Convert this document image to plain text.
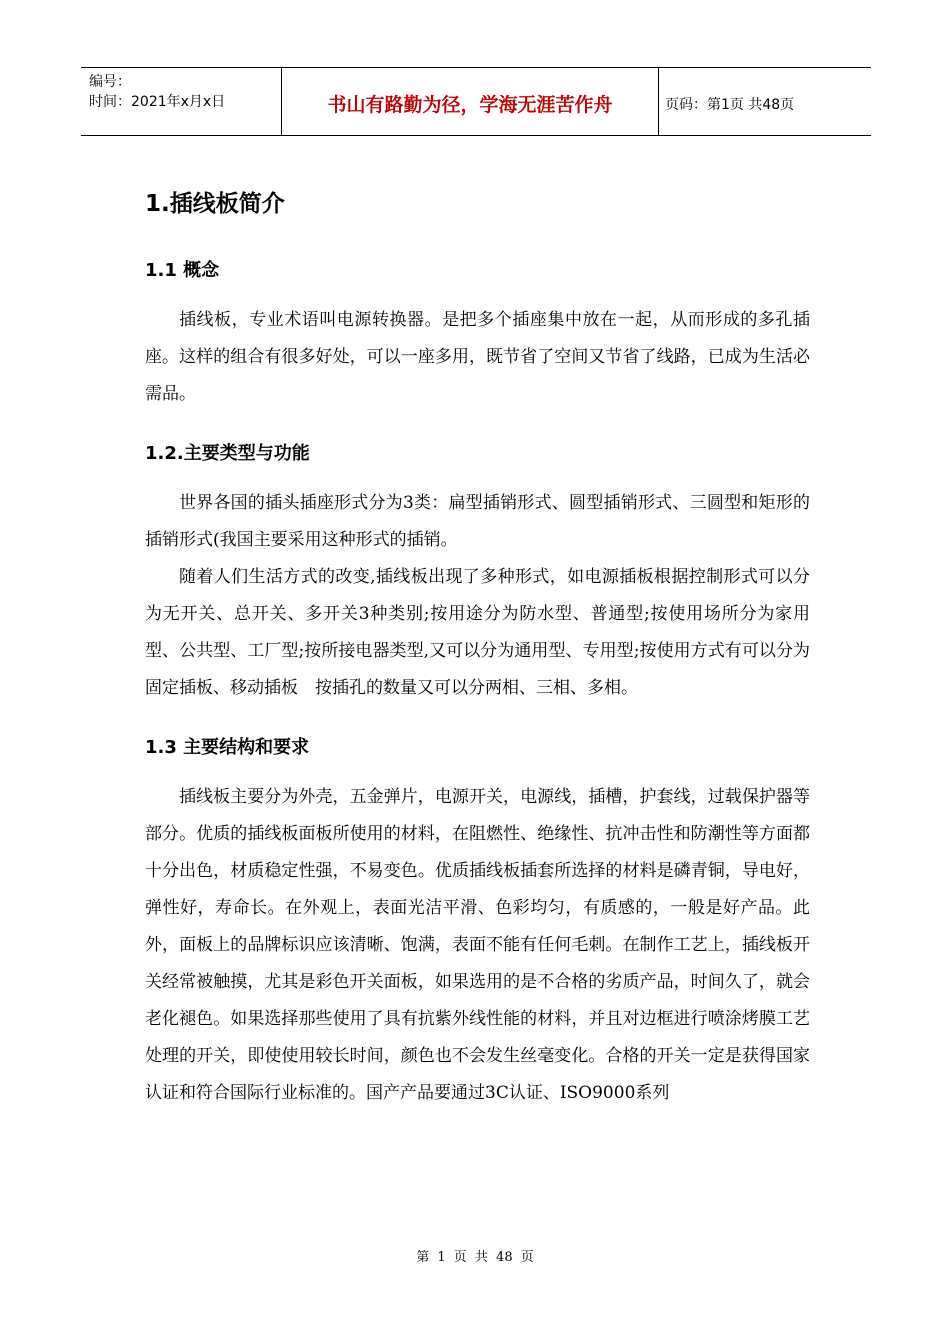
编号：
时间：2021年x月x日	书山有路勤为径，学海无涯苦作舟	页码：第1页 共48页
1.插线板简介
1.1 概念

插线板，专业术语叫电源转换器。是把多个插座集中放在一起，从而形成的多孔插座。这样的组合有很多好处，可以一座多用，既节省了空间又节省了线路，已成为生活必需品。

1.2.主要类型与功能

世界各国的插头插座形式分为3类：扁型插销形式、圆型插销形式、三圆型和矩形的插销形式(我国主要采用这种形式的插销。

随着人们生活方式的改变,插线板出现了多种形式，如电源插板根据控制形式可以分为无开关、总开关、多开关3种类别;按用途分为防水型、普通型;按使用场所分为家用型、公共型、工厂型;按所接电器类型,又可以分为通用型、专用型;按使用方式有可以分为固定插板、移动插板　按插孔的数量又可以分两相、三相、多相。

1.3 主要结构和要求

插线板主要分为外壳，五金弹片，电源开关，电源线，插槽，护套线，过载保护器等部分。优质的插线板面板所使用的材料，在阻燃性、绝缘性、抗冲击性和防潮性等方面都十分出色，材质稳定性强，不易变色。优质插线板插套所选择的材料是磷青铜，导电好，弹性好，寿命长。在外观上，表面光洁平滑、色彩均匀，有质感的，一般是好产品。此外，面板上的品牌标识应该清晰、饱满，表面不能有任何毛刺。在制作工艺上，插线板开关经常被触摸，尤其是彩色开关面板，如果选用的是不合格的劣质产品，时间久了，就会老化褪色。如果选择那些使用了具有抗紫外线性能的材料，并且对边框进行喷涂烤膜工艺处理的开关，即使使用较长时间，颜色也不会发生丝毫变化。合格的开关一定是获得国家认证和符合国际行业标准的。国产产品要通过3C认证、ISO9000系列

第 1 页 共 48 页
